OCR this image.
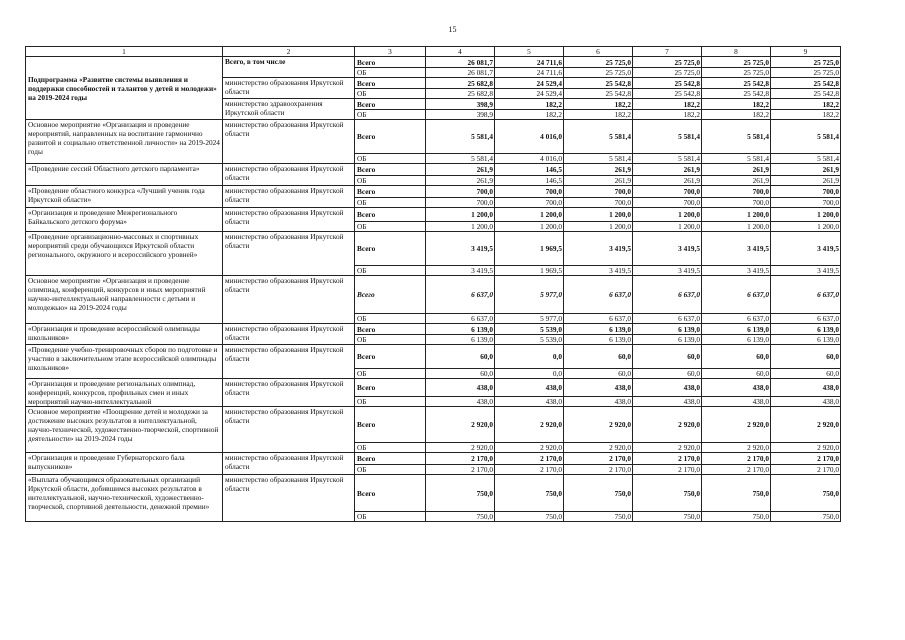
15
1	2	3	4	5	6	7	8	9
Подпрограмма «Развитие системы выявления и поддержки способностей и талантов у детей и молодежи» на 2019-2024 годы	Всего, в том числе	Всего	26 081,7	24 711,6	25 725,0	25 725,0	25 725,0	25 725,0
		ОБ	26 081,7	24 711,6	25 725,0	25 725,0	25 725,0	25 725,0
	министерство образования Иркутской области	Всего	25 682,8	24 529,4	25 542,8	25 542,8	25 542,8	25 542,8
		ОБ	25 682,8	24 529,4	25 542,8	25 542,8	25 542,8	25 542,8
	министерство здравоохранения Иркутской области	Всего	398,9	182,2	182,2	182,2	182,2	182,2
		ОБ	398,9	182,2	182,2	182,2	182,2	182,2
Основное мероприятие «Организация и проведение мероприятий, направленных на воспитание гармонично развитой и социально ответственной личности» на 2019-2024 годы	министерство образования Иркутской области	Всего	5 581,4	4 016,0	5 581,4	5 581,4	5 581,4	5 581,4
		ОБ	5 581,4	4 016,0	5 581,4	5 581,4	5 581,4	5 581,4
«Проведение сессий Областного детского парламента»	министерство образования Иркутской области	Всего	261,9	146,5	261,9	261,9	261,9	261,9
		ОБ	261,9	146,5	261,9	261,9	261,9	261,9
«Проведение областного конкурса «Лучший ученик года Иркутской области»	министерство образования Иркутской области	Всего	700,0	700,0	700,0	700,0	700,0	700,0
		ОБ	700,0	700,0	700,0	700,0	700,0	700,0
«Организация и проведение Межрегионального Байкальского детского форума»	министерство образования Иркутской области	Всего	1 200,0	1 200,0	1 200,0	1 200,0	1 200,0	1 200,0
		ОБ	1 200,0	1 200,0	1 200,0	1 200,0	1 200,0	1 200,0
«Проведение организационно-массовых и спортивных мероприятий среди обучающихся Иркутской области регионального, окружного и всероссийского уровней»	министерство образования Иркутской области	Всего	3 419,5	1 969,5	3 419,5	3 419,5	3 419,5	3 419,5
		ОБ	3 419,5	1 969,5	3 419,5	3 419,5	3 419,5	3 419,5
Основное мероприятие «Организация и проведение олимпиад, конференций, конкурсов и иных мероприятий научно-интеллектуальной направленности с детьми и молодежью» на 2019-2024 годы	министерство образования Иркутской области	Всего	6 637,0	5 977,0	6 637,0	6 637,0	6 637,0	6 637,0
		ОБ	6 637,0	5 977,0	6 637,0	6 637,0	6 637,0	6 637,0
«Организация и проведение всероссийской олимпиады школьников»	министерство образования Иркутской области	Всего	6 139,0	5 539,0	6 139,0	6 139,0	6 139,0	6 139,0
		ОБ	6 139,0	5 539,0	6 139,0	6 139,0	6 139,0	6 139,0
«Проведение учебно-тренировочных сборов по подготовке и участию в заключительном этапе всероссийской олимпиады школьников»	министерство образования Иркутской области	Всего	60,0	0,0	60,0	60,0	60,0	60,0
		ОБ	60,0	0,0	60,0	60,0	60,0	60,0
«Организация и проведение региональных олимпиад, конференций, конкурсов, профильных смен и иных мероприятий научно-интеллектуальной	министерство образования Иркутской области	Всего	438,0	438,0	438,0	438,0	438,0	438,0
		ОБ	438,0	438,0	438,0	438,0	438,0	438,0
Основное мероприятие «Поощрение детей и молодежи за достижение высоких результатов в интеллектуальной, научно-технической, художественно-творческой, спортивной деятельности» на 2019-2024 годы	министерство образования Иркутской области	Всего	2 920,0	2 920,0	2 920,0	2 920,0	2 920,0	2 920,0
		ОБ	2 920,0	2 920,0	2 920,0	2 920,0	2 920,0	2 920,0
«Организация и проведение Губернаторского бала выпускников»	министерство образования Иркутской области	Всего	2 170,0	2 170,0	2 170,0	2 170,0	2 170,0	2 170,0
		ОБ	2 170,0	2 170,0	2 170,0	2 170,0	2 170,0	2 170,0
«Выплата обучающимся образовательных организаций Иркутской области, добившимся высоких результатов в интеллектуальной, научно-технической, художественно-творческой, спортивной деятельности, денежной премии»	министерство образования Иркутской области	Всего	750,0	750,0	750,0	750,0	750,0	750,0
		ОБ	750,0	750,0	750,0	750,0	750,0	750,0
